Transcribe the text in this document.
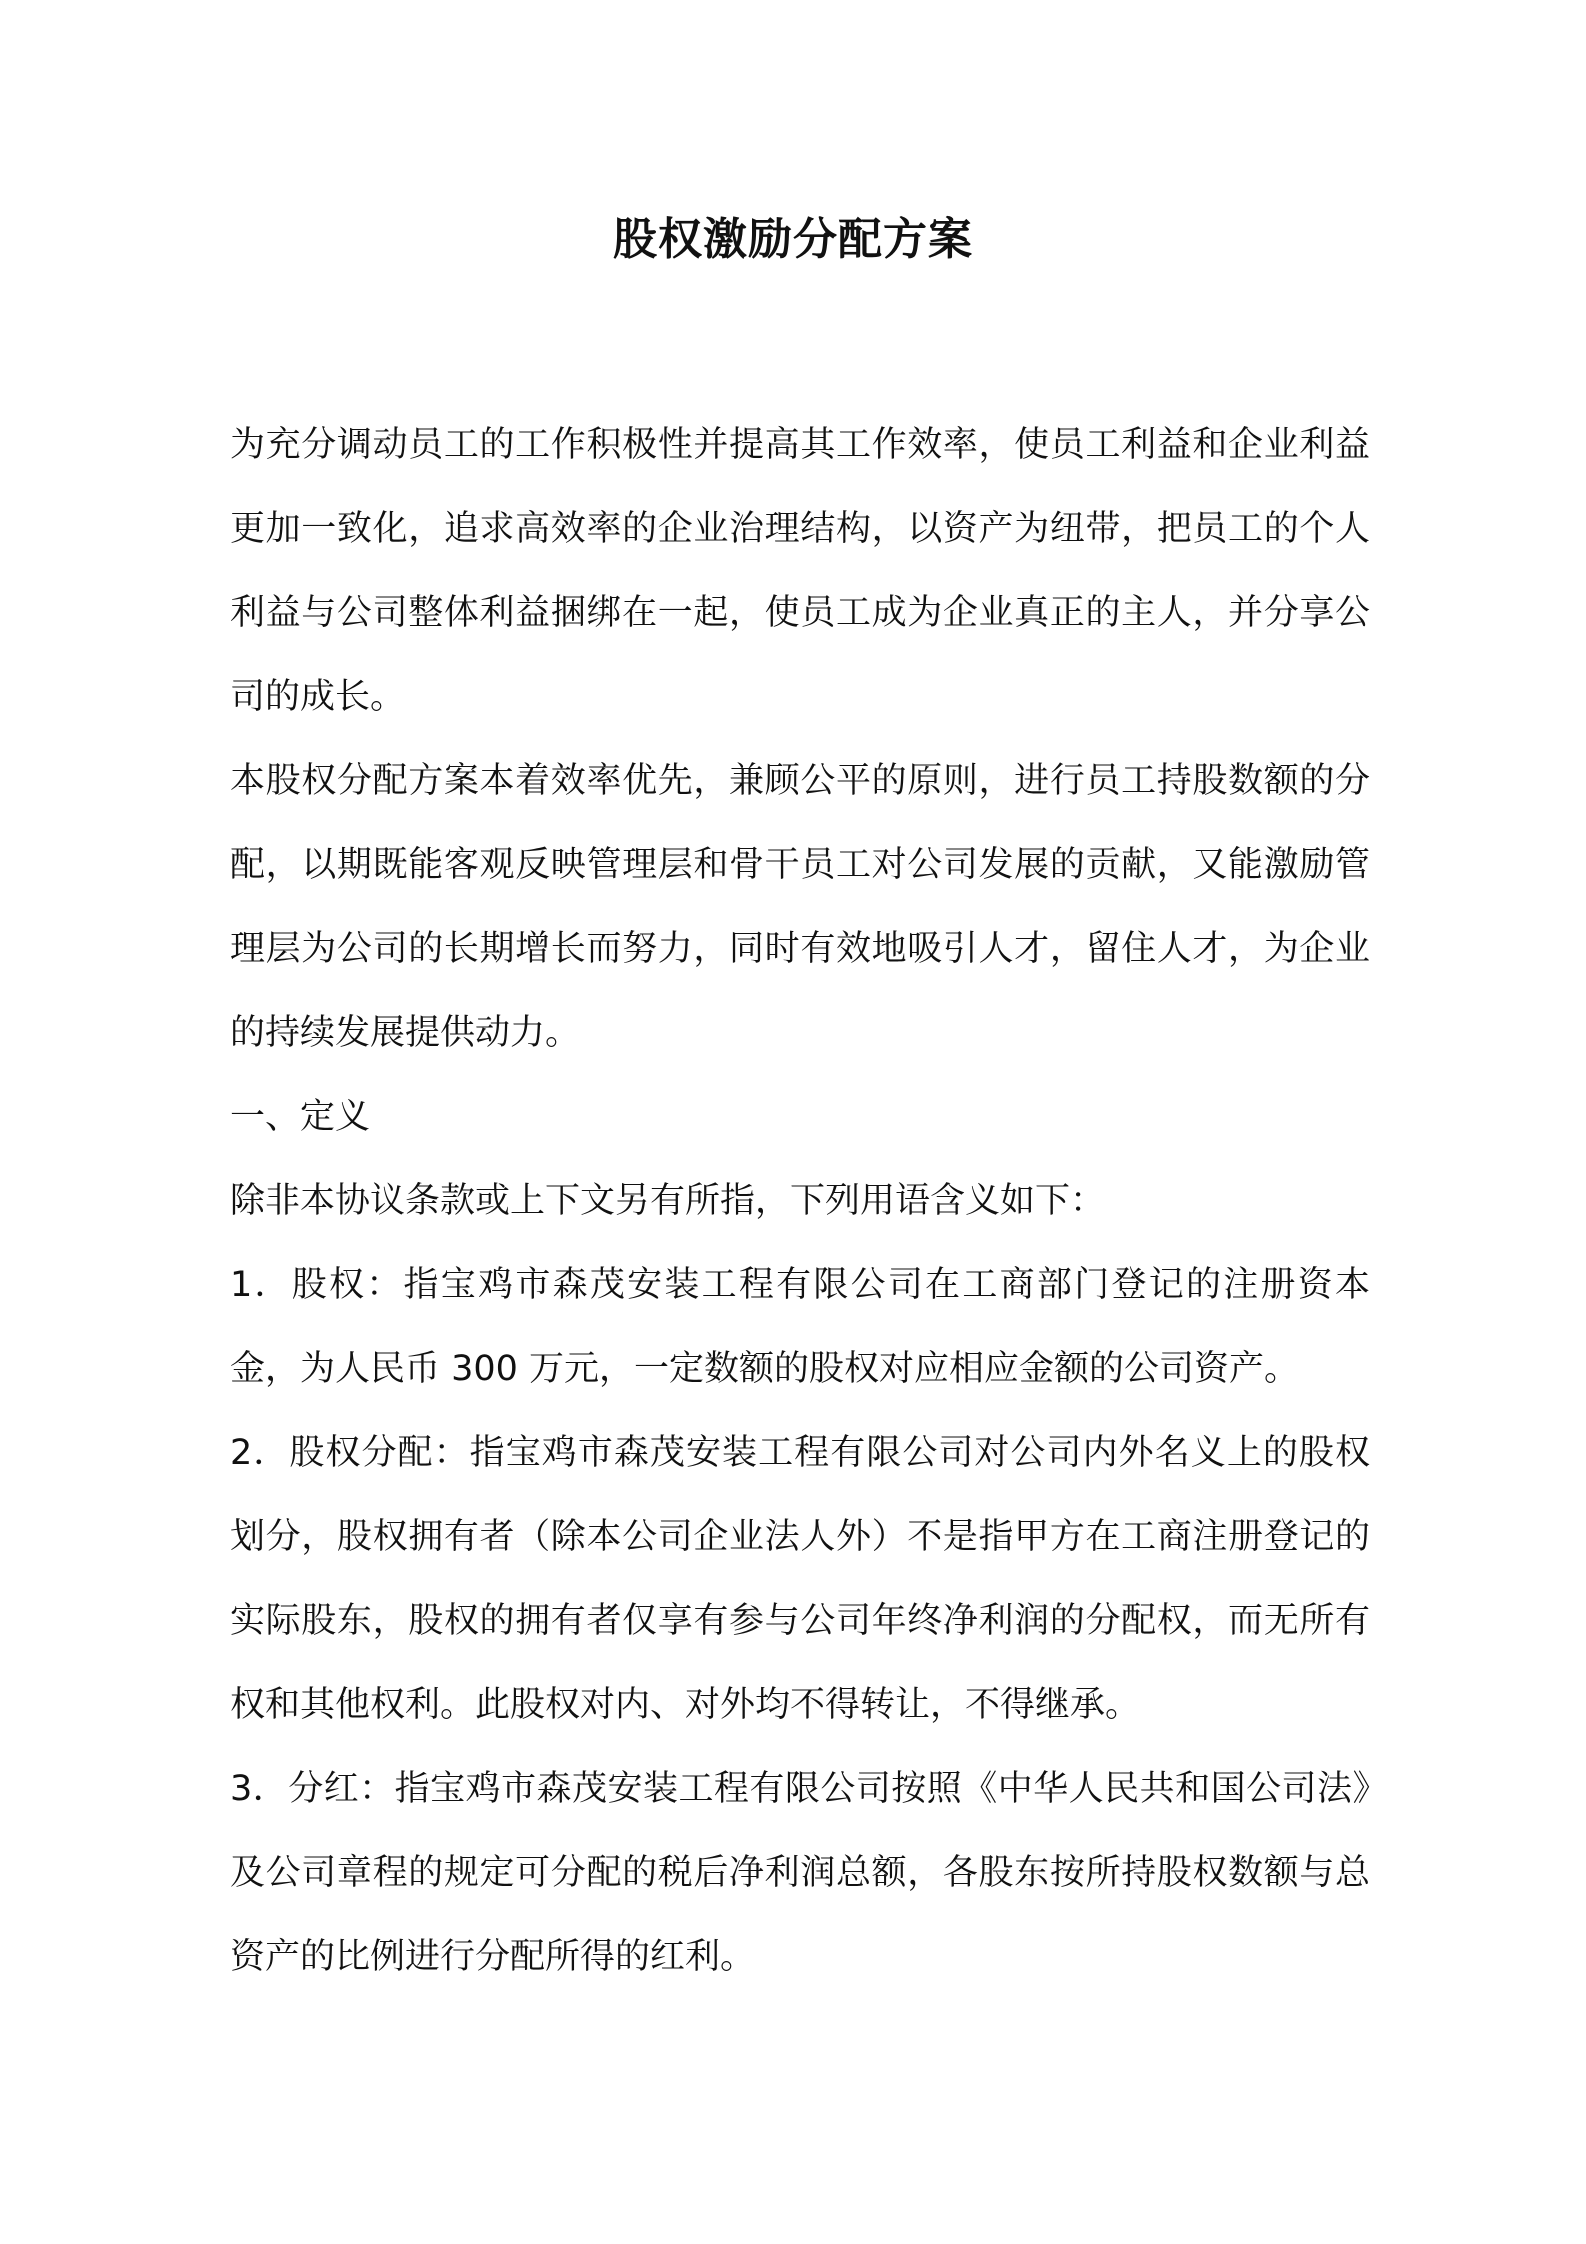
股权激励分配方案

为充分调动员工的工作积极性并提高其工作效率，使员工利益和企业利益更加一致化，追求高效率的企业治理结构，以资产为纽带，把员工的个人利益与公司整体利益捆绑在一起，使员工成为企业真正的主人，并分享公司的成长。

本股权分配方案本着效率优先，兼顾公平的原则，进行员工持股数额的分配，以期既能客观反映管理层和骨干员工对公司发展的贡献，又能激励管理层为公司的长期增长而努力，同时有效地吸引人才，留住人才，为企业的持续发展提供动力。

一、定义

除非本协议条款或上下文另有所指，下列用语含义如下：

1．股权：指宝鸡市森茂安装工程有限公司在工商部门登记的注册资本金，为人民币 300 万元，一定数额的股权对应相应金额的公司资产。

2．股权分配：指宝鸡市森茂安装工程有限公司对公司内外名义上的股权划分，股权拥有者（除本公司企业法人外）不是指甲方在工商注册登记的实际股东，股权的拥有者仅享有参与公司年终净利润的分配权，而无所有权和其他权利。此股权对内、对外均不得转让，不得继承。

3．分红：指宝鸡市森茂安装工程有限公司按照《中华人民共和国公司法》及公司章程的规定可分配的税后净利润总额，各股东按所持股权数额与总资产的比例进行分配所得的红利。
